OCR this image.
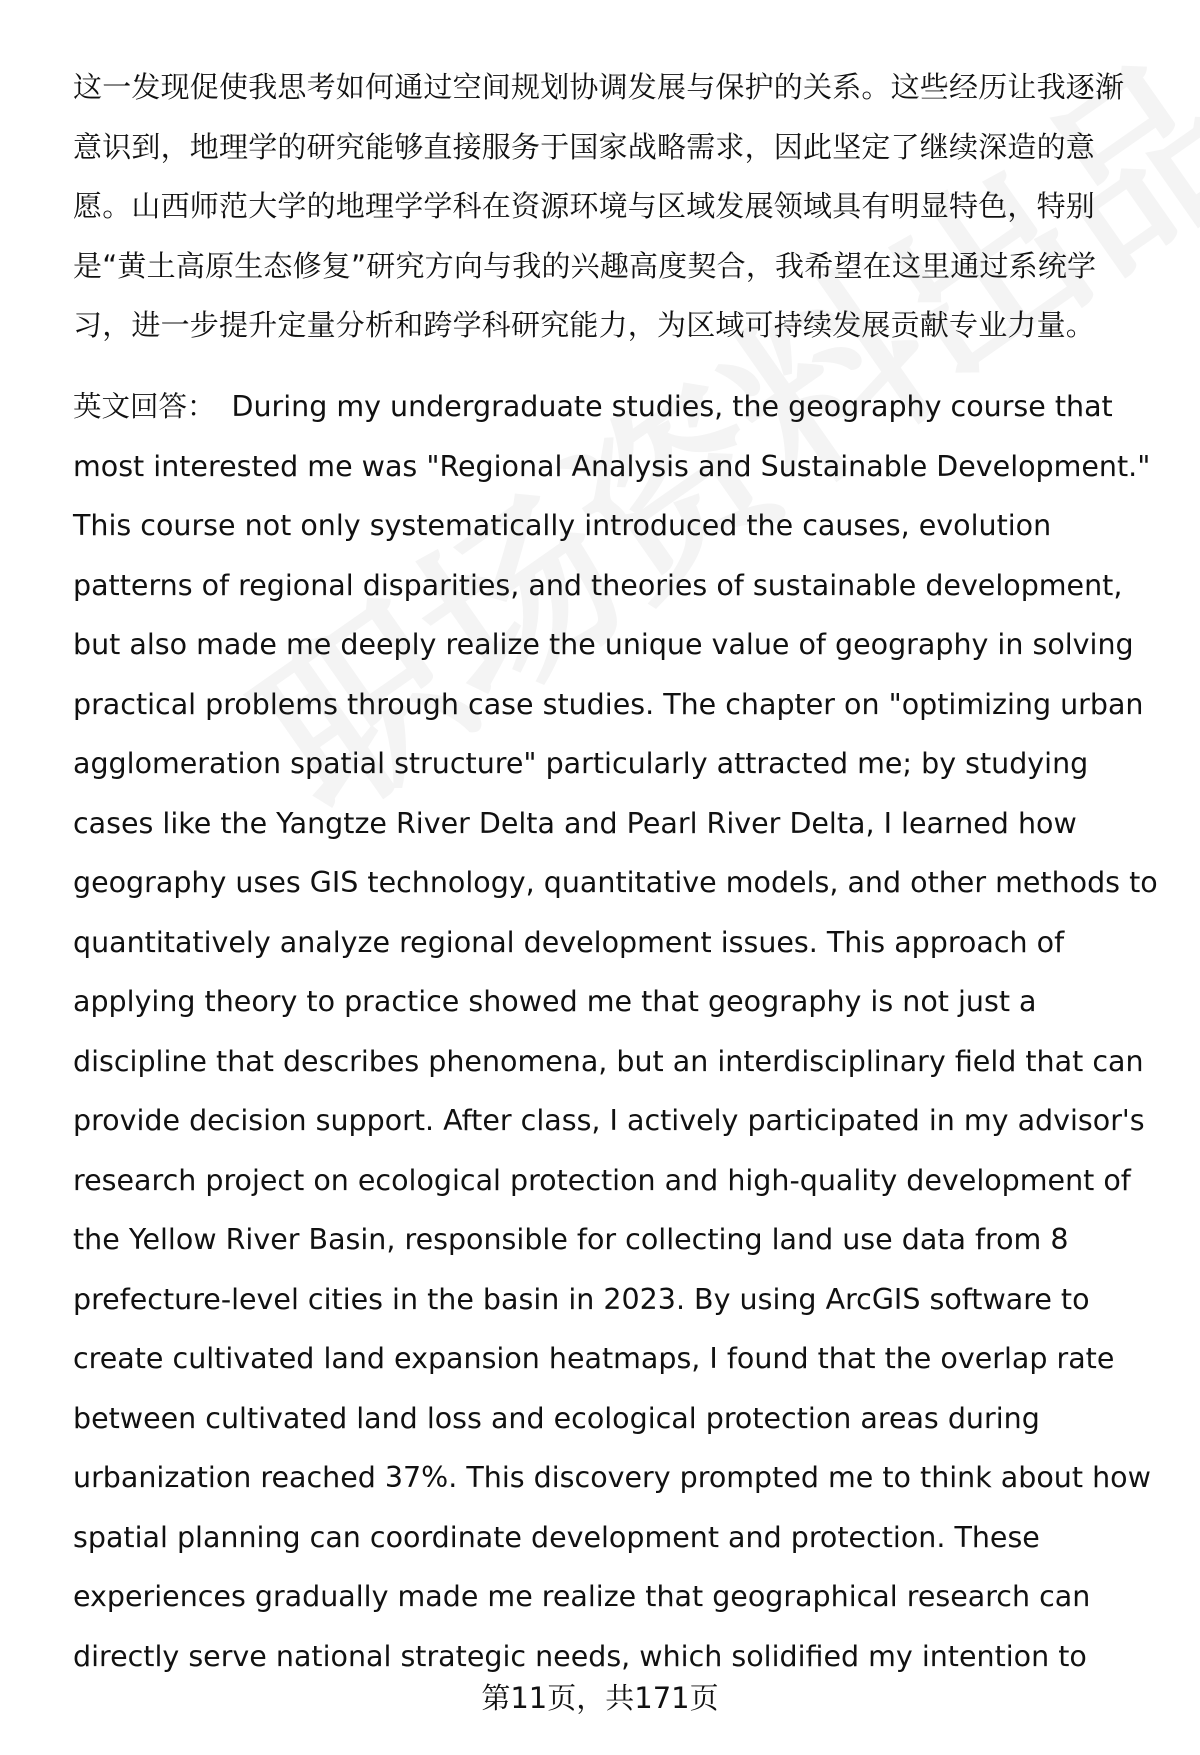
这一发现促使我思考如何通过空间规划协调发展与保护的关系。这些经历让我逐渐
意识到，地理学的研究能够直接服务于国家战略需求，因此坚定了继续深造的意
愿。山西师范大学的地理学学科在资源环境与区域发展领域具有明显特色，特别
是“黄土高原生态修复”研究方向与我的兴趣高度契合，我希望在这里通过系统学
习，进一步提升定量分析和跨学科研究能力，为区域可持续发展贡献专业力量。

英文回答： During my undergraduate studies, the geography course that
most interested me was "Regional Analysis and Sustainable Development."
This course not only systematically introduced the causes, evolution
patterns of regional disparities, and theories of sustainable development,
but also made me deeply realize the unique value of geography in solving
practical problems through case studies. The chapter on "optimizing urban
agglomeration spatial structure" particularly attracted me; by studying
cases like the Yangtze River Delta and Pearl River Delta, I learned how
geography uses GIS technology, quantitative models, and other methods to
quantitatively analyze regional development issues. This approach of
applying theory to practice showed me that geography is not just a
discipline that describes phenomena, but an interdisciplinary field that can
provide decision support. After class, I actively participated in my advisor's
research project on ecological protection and high-quality development of
the Yellow River Basin, responsible for collecting land use data from 8
prefecture-level cities in the basin in 2023. By using ArcGIS software to
create cultivated land expansion heatmaps, I found that the overlap rate
between cultivated land loss and ecological protection areas during
urbanization reached 37%. This discovery prompted me to think about how
spatial planning can coordinate development and protection. These
experiences gradually made me realize that geographical research can
directly serve national strategic needs, which solidified my intention to

第11页，共171页
